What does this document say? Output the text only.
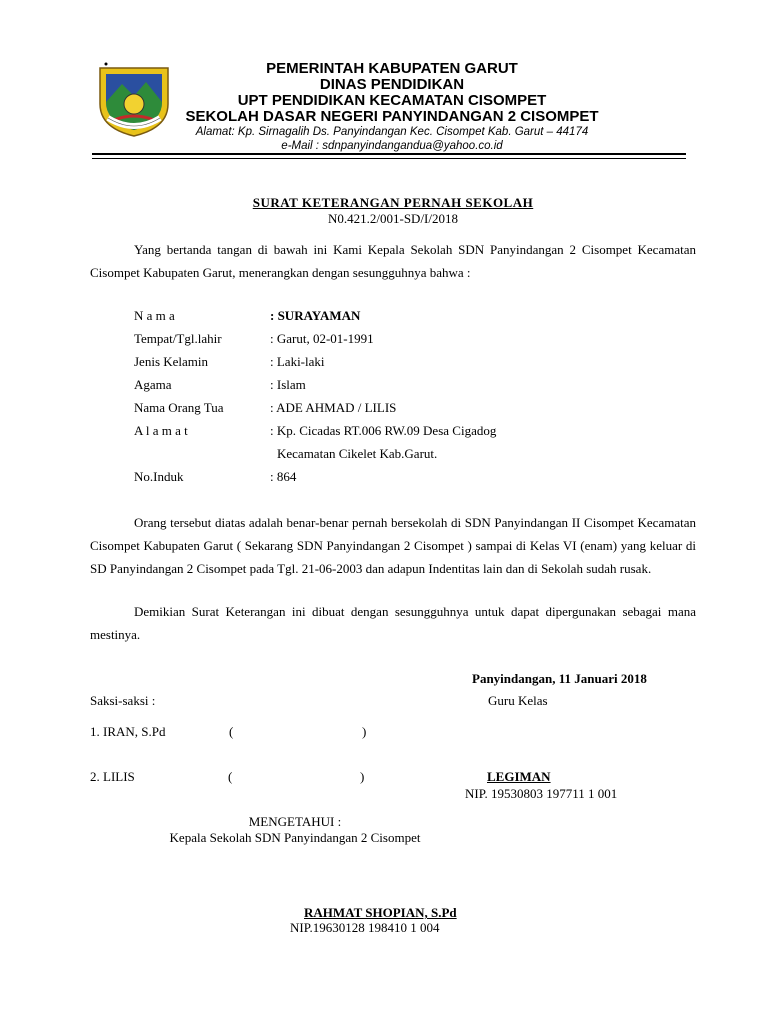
PEMERINTAH KABUPATEN GARUT
DINAS PENDIDIKAN
UPT PENDIDIKAN KECAMATAN CISOMPET
SEKOLAH DASAR NEGERI PANYINDANGAN 2 CISOMPET
Alamat: Kp. Sirnagalih Ds. Panyindangan Kec. Cisompet Kab. Garut – 44174
e-Mail : sdnpanyindangandua@yahoo.co.id
SURAT KETERANGAN PERNAH SEKOLAH
N0.421.2/001-SD/I/2018
Yang bertanda tangan di bawah ini Kami Kepala Sekolah SDN Panyindangan 2 Cisompet Kecamatan Cisompet Kabupaten Garut, menerangkan dengan sesungguhnya bahwa :
N a m a	: SURAYAMAN
Tempat/Tgl.lahir	: Garut, 02-01-1991
Jenis Kelamin	: Laki-laki
Agama	: Islam
Nama Orang Tua	: ADE AHMAD / LILIS
A l a m a t	: Kp. Cicadas RT.006 RW.09 Desa Cigadog
Kecamatan Cikelet Kab.Garut.
No.Induk	: 864
Orang tersebut diatas adalah benar-benar pernah bersekolah di SDN Panyindangan II Cisompet Kecamatan Cisompet Kabupaten Garut ( Sekarang SDN Panyindangan 2 Cisompet ) sampai di Kelas VI (enam) yang keluar di SD Panyindangan 2 Cisompet pada Tgl. 21-06-2003 dan adapun Indentitas lain dan di Sekolah sudah rusak.
Demikian Surat Keterangan ini dibuat dengan sesungguhnya untuk dapat dipergunakan sebagai mana mestinya.
Panyindangan, 11 Januari 2018
Saksi-saksi :	Guru Kelas
1. IRAN, S.Pd	(	)
2. LILIS	(	)	LEGIMAN
NIP. 19530803 197711 1 001
MENGETAHUI :
Kepala Sekolah SDN Panyindangan 2 Cisompet
RAHMAT SHOPIAN, S.Pd
NIP.19630128 198410 1 004
